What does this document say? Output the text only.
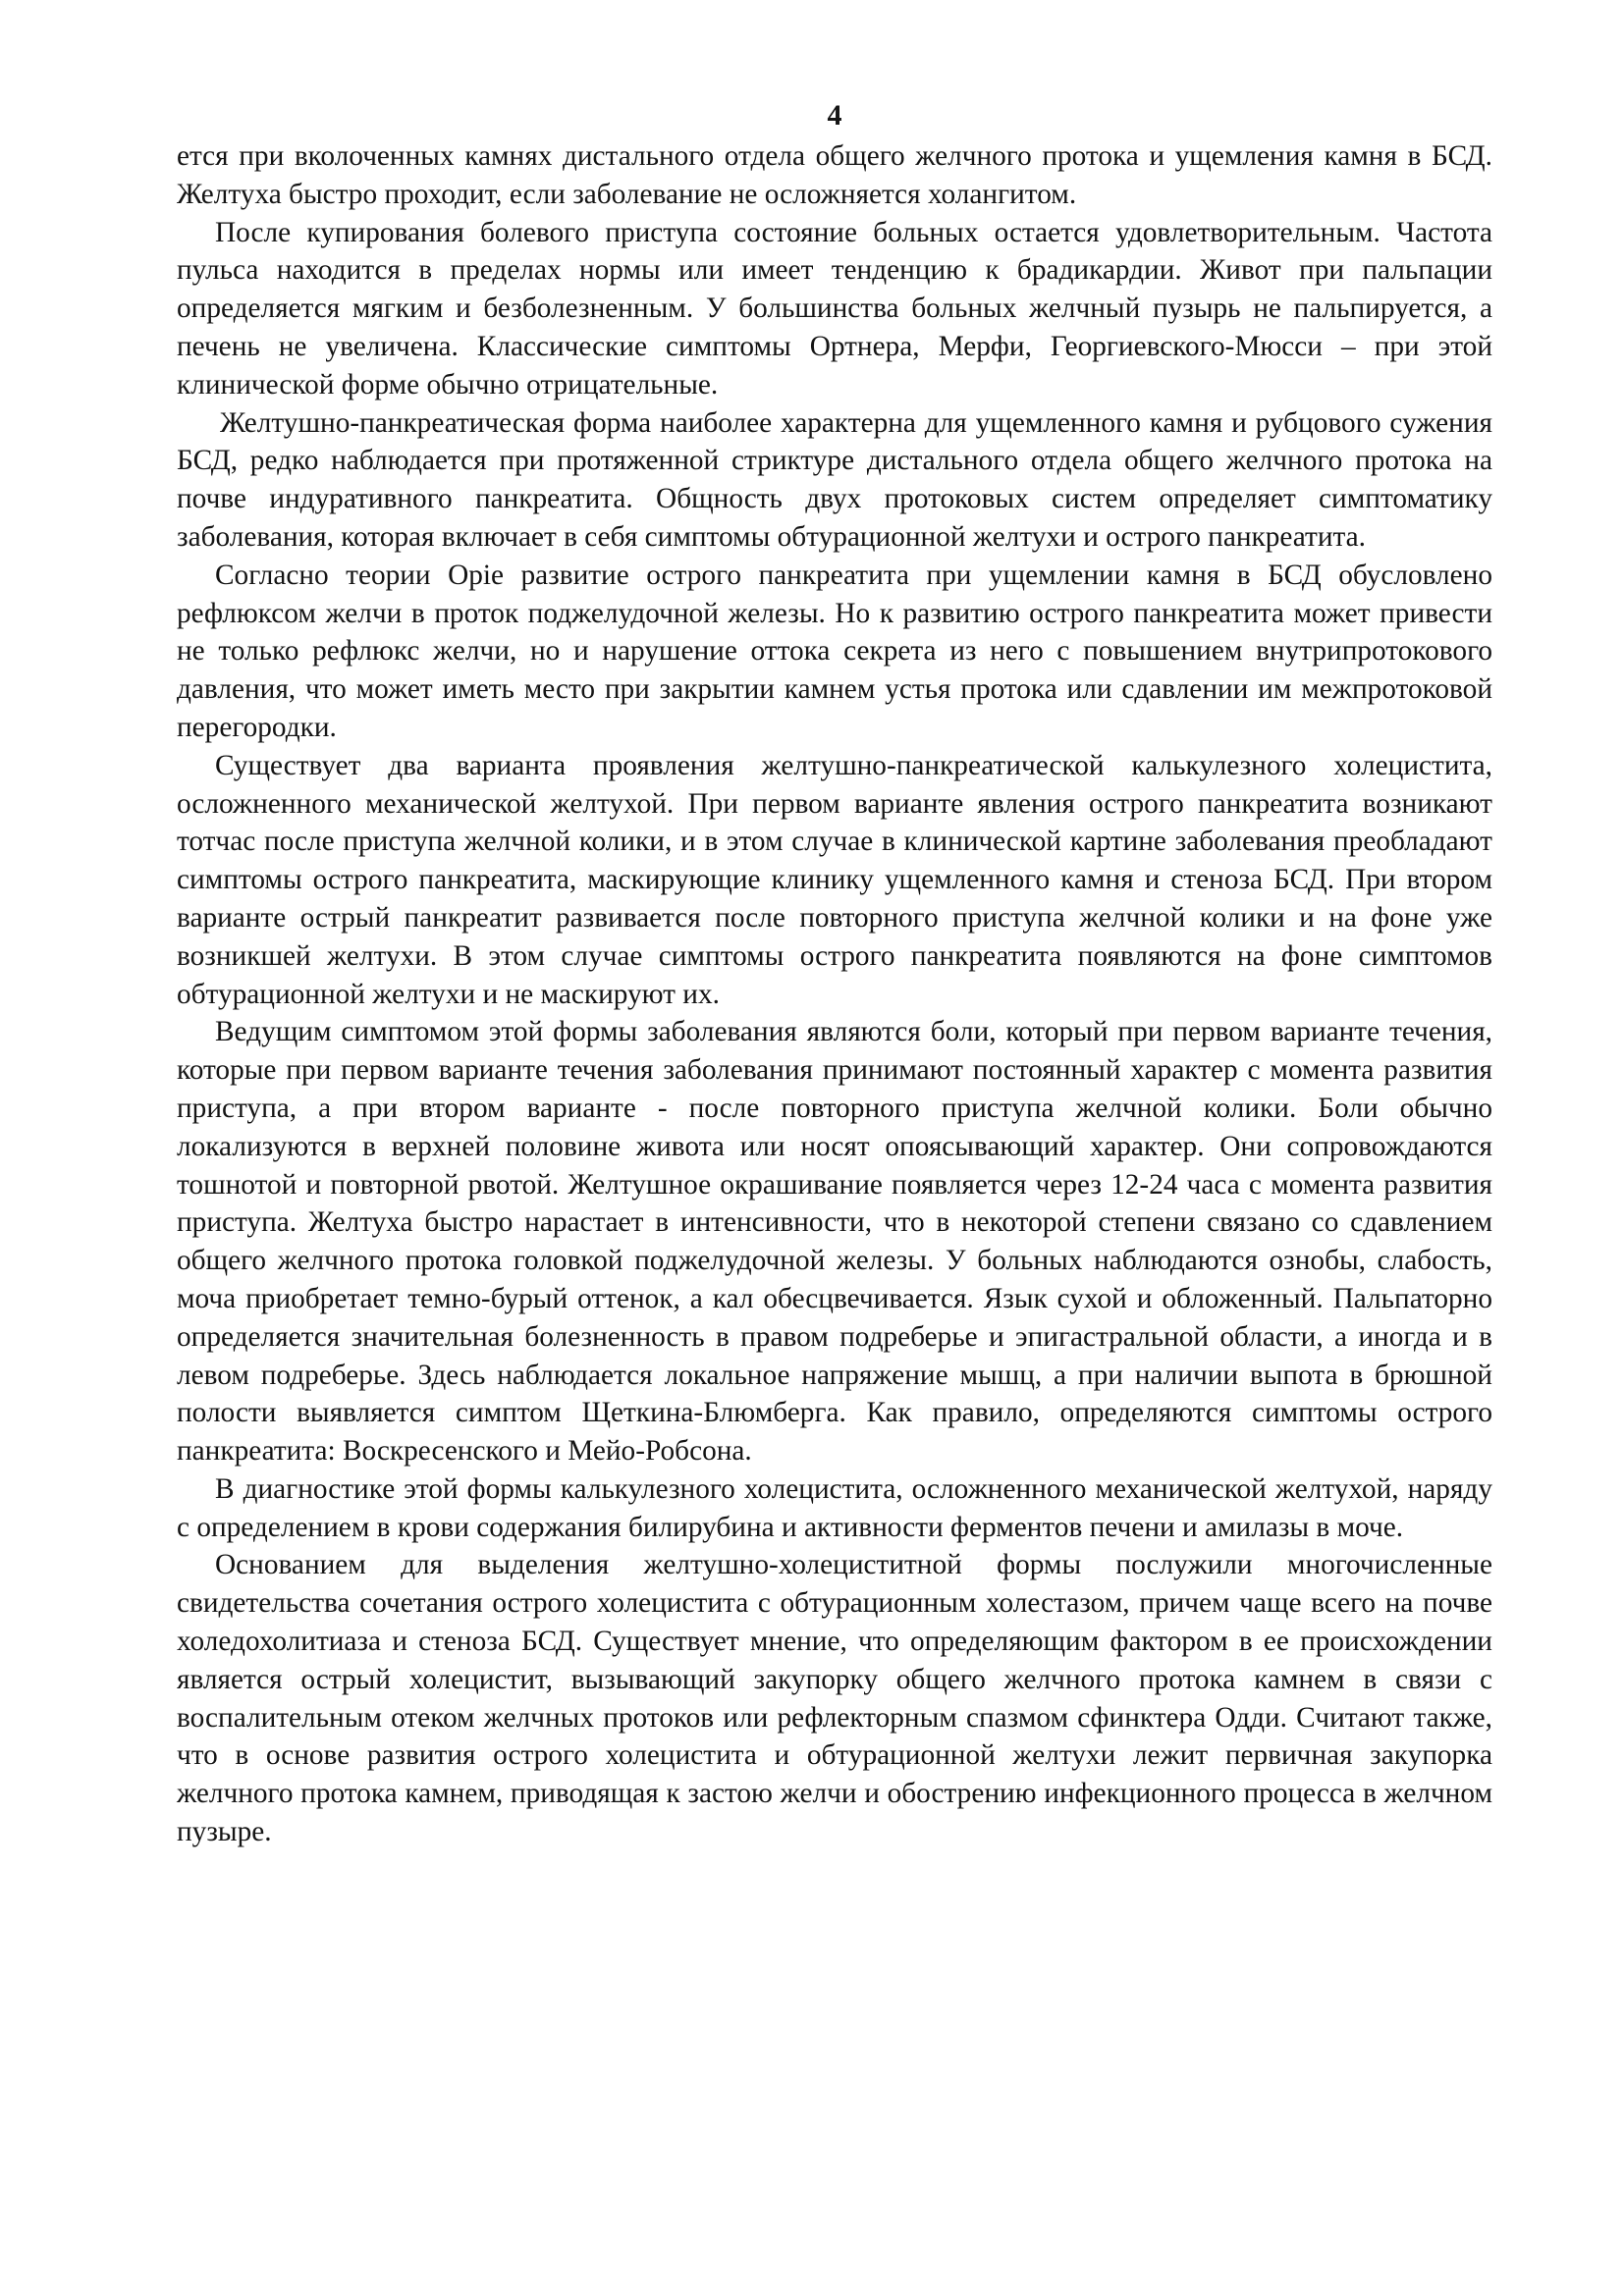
4

ется при вколоченных камнях дистального отдела общего желчного протока и ущемления камня в БСД. Желтуха быстро проходит, если заболевание не осложняется холангитом.

После купирования болевого приступа состояние больных остается удовлетворительным. Частота пульса находится в пределах нормы или имеет тенденцию к брадикардии. Живот при пальпации определяется мягким и безболезненным. У большинства больных желчный пузырь не пальпируется, а печень не увеличена. Классические симптомы Ортнера, Мерфи, Георгиевского-Мюсси – при этой клинической форме обычно отрицательные.

Желтушно-панкреатическая форма наиболее характерна для ущемленного камня и рубцового сужения БСД, редко наблюдается при протяженной стриктуре дистального отдела общего желчного протока на почве индуративного панкреатита. Общность двух протоковых систем определяет симптоматику заболевания, которая включает в себя симптомы обтурационной желтухи и острого панкреатита.

Согласно теории Opie развитие острого панкреатита при ущемлении камня в БСД обусловлено рефлюксом желчи в проток поджелудочной железы. Но к развитию острого панкреатита может привести не только рефлюкс желчи, но и нарушение оттока секрета из него с повышением внутрипротокового давления, что может иметь место при закрытии камнем устья протока или сдавлении им межпротоковой перегородки.

Существует два варианта проявления желтушно-панкреатической калькулезного холецистита, осложненного механической желтухой. При первом варианте явления острого панкреатита возникают тотчас после приступа желчной колики, и в этом случае в клинической картине заболевания преобладают симптомы острого панкреатита, маскирующие клинику ущемленного камня и стеноза БСД. При втором варианте острый панкреатит развивается после повторного приступа желчной колики и на фоне уже возникшей желтухи. В этом случае симптомы острого панкреатита появляются на фоне симптомов обтурационной желтухи и не маскируют их.

Ведущим симптомом этой формы заболевания являются боли, который при первом варианте течения, которые при первом варианте течения заболевания принимают постоянный характер с момента развития приступа, а при втором варианте - после повторного приступа желчной колики. Боли обычно локализуются в верхней половине живота или носят опоясывающий характер. Они сопровождаются тошнотой и повторной рвотой. Желтушное окрашивание появляется через 12-24 часа с момента развития приступа. Желтуха быстро нарастает в интенсивности, что в некоторой степени связано со сдавлением общего желчного протока головкой поджелудочной железы. У больных наблюдаются ознобы, слабость, моча приобретает темно-бурый оттенок, а кал обесцвечивается. Язык сухой и обложенный. Пальпаторно определяется значительная болезненность в правом подреберье и эпигастральной области, а иногда и в левом подреберье. Здесь наблюдается локальное напряжение мышц, а при наличии выпота в брюшной полости выявляется симптом Щеткина-Блюмберга. Как правило, определяются симптомы острого панкреатита: Воскресенского и Мейо-Робсона.

В диагностике этой формы калькулезного холецистита, осложненного механической желтухой, наряду с определением в крови содержания билирубина и активности ферментов печени и амилазы в моче.

Основанием для выделения желтушно-холециститной формы послужили многочисленные свидетельства сочетания острого холецистита с обтурационным холестазом, причем чаще всего на почве холедохолитиаза и стеноза БСД. Существует мнение, что определяющим фактором в ее происхождении является острый холецистит, вызывающий закупорку общего желчного протока камнем в связи с воспалительным отеком желчных протоков или рефлекторным спазмом сфинктера Одди. Считают также, что в основе развития острого холецистита и обтурационной желтухи лежит первичная закупорка желчного протока камнем, приводящая к застою желчи и обострению инфекционного процесса в желчном пузыре.
